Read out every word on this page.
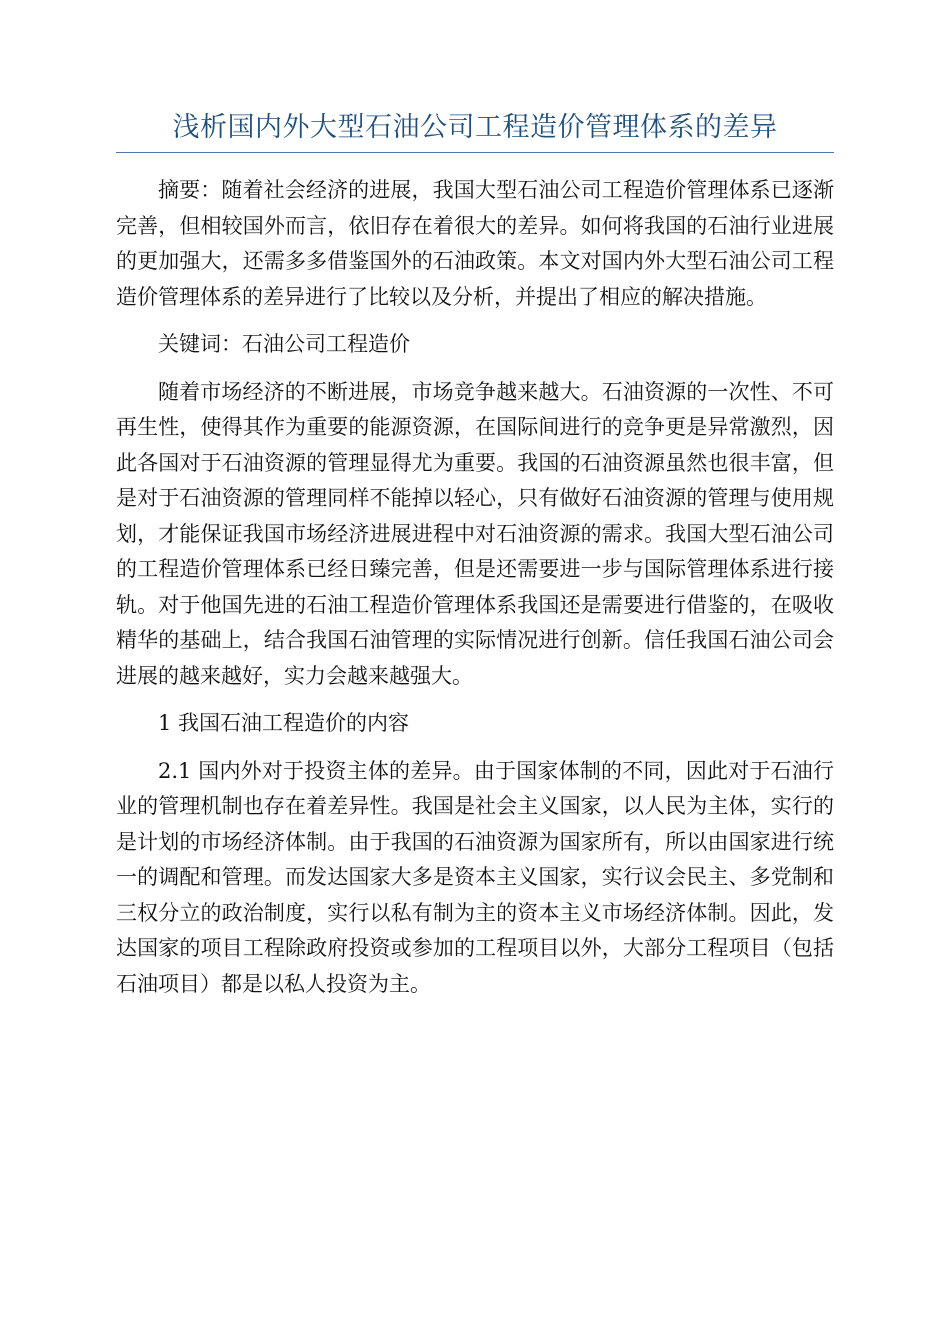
浅析国内外大型石油公司工程造价管理体系的差异

摘要：随着社会经济的进展，我国大型石油公司工程造价管理体系已逐渐完善，但相较国外而言，依旧存在着很大的差异。如何将我国的石油行业进展的更加强大，还需多多借鉴国外的石油政策。本文对国内外大型石油公司工程造价管理体系的差异进行了比较以及分析，并提出了相应的解决措施。

关键词：石油公司工程造价

随着市场经济的不断进展，市场竞争越来越大。石油资源的一次性、不可再生性，使得其作为重要的能源资源，在国际间进行的竞争更是异常激烈，因此各国对于石油资源的管理显得尤为重要。我国的石油资源虽然也很丰富，但是对于石油资源的管理同样不能掉以轻心，只有做好石油资源的管理与使用规划，才能保证我国市场经济进展进程中对石油资源的需求。我国大型石油公司的工程造价管理体系已经日臻完善，但是还需要进一步与国际管理体系进行接轨。对于他国先进的石油工程造价管理体系我国还是需要进行借鉴的，在吸收精华的基础上，结合我国石油管理的实际情况进行创新。信任我国石油公司会进展的越来越好，实力会越来越强大。

1 我国石油工程造价的内容

2.1 国内外对于投资主体的差异。由于国家体制的不同，因此对于石油行业的管理机制也存在着差异性。我国是社会主义国家，以人民为主体，实行的是计划的市场经济体制。由于我国的石油资源为国家所有，所以由国家进行统一的调配和管理。而发达国家大多是资本主义国家，实行议会民主、多党制和三权分立的政治制度，实行以私有制为主的资本主义市场经济体制。因此，发达国家的项目工程除政府投资或参加的工程项目以外，大部分工程项目（包括石油项目）都是以私人投资为主。
